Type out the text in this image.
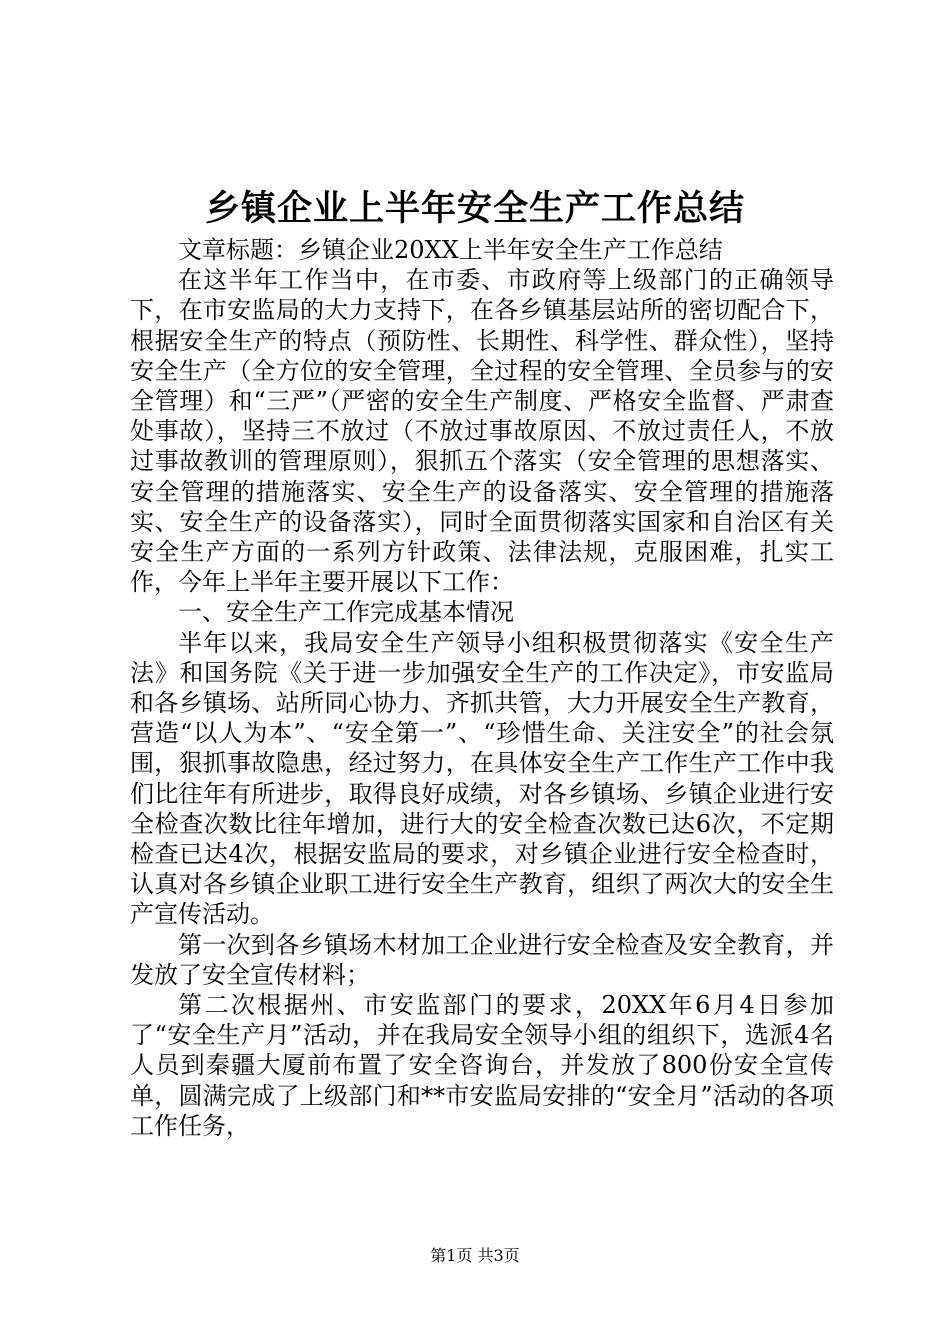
乡镇企业上半年安全生产工作总结

文章标题：乡镇企业20XX上半年安全生产工作总结

在这半年工作当中，在市委、市政府等上级部门的正确领导下，在市安监局的大力支持下，在各乡镇基层站所的密切配合下，根据安全生产的特点（预防性、长期性、科学性、群众性），坚持安全生产（全方位的安全管理，全过程的安全管理、全员参与的安全管理）和“三严”（严密的安全生产制度、严格安全监督、严肃查处事故），坚持三不放过（不放过事故原因、不放过责任人，不放过事故教训的管理原则），狠抓五个落实（安全管理的思想落实、安全管理的措施落实、安全生产的设备落实、安全管理的措施落实、安全生产的设备落实），同时全面贯彻落实国家和自治区有关安全生产方面的一系列方针政策、法律法规，克服困难，扎实工作，今年上半年主要开展以下工作：

一、安全生产工作完成基本情况

半年以来，我局安全生产领导小组积极贯彻落实《安全生产法》和国务院《关于进一步加强安全生产的工作决定》，市安监局和各乡镇场、站所同心协力、齐抓共管，大力开展安全生产教育，营造“以人为本”、“安全第一”、“珍惜生命、关注安全”的社会氛围，狠抓事故隐患，经过努力，在具体安全生产工作生产工作中我们比往年有所进步，取得良好成绩，对各乡镇场、乡镇企业进行安全检查次数比往年增加，进行大的安全检查次数已达6次，不定期检查已达4次，根据安监局的要求，对乡镇企业进行安全检查时，认真对各乡镇企业职工进行安全生产教育，组织了两次大的安全生产宣传活动。

第一次到各乡镇场木材加工企业进行安全检查及安全教育，并发放了安全宣传材料；

第二次根据州、市安监部门的要求，20XX年6月4日参加了“安全生产月”活动，并在我局安全领导小组的组织下，选派4名人员到秦疆大厦前布置了安全咨询台，并发放了800份安全宣传单，圆满完成了上级部门和**市安监局安排的“安全月”活动的各项工作任务，

第1页 共3页
